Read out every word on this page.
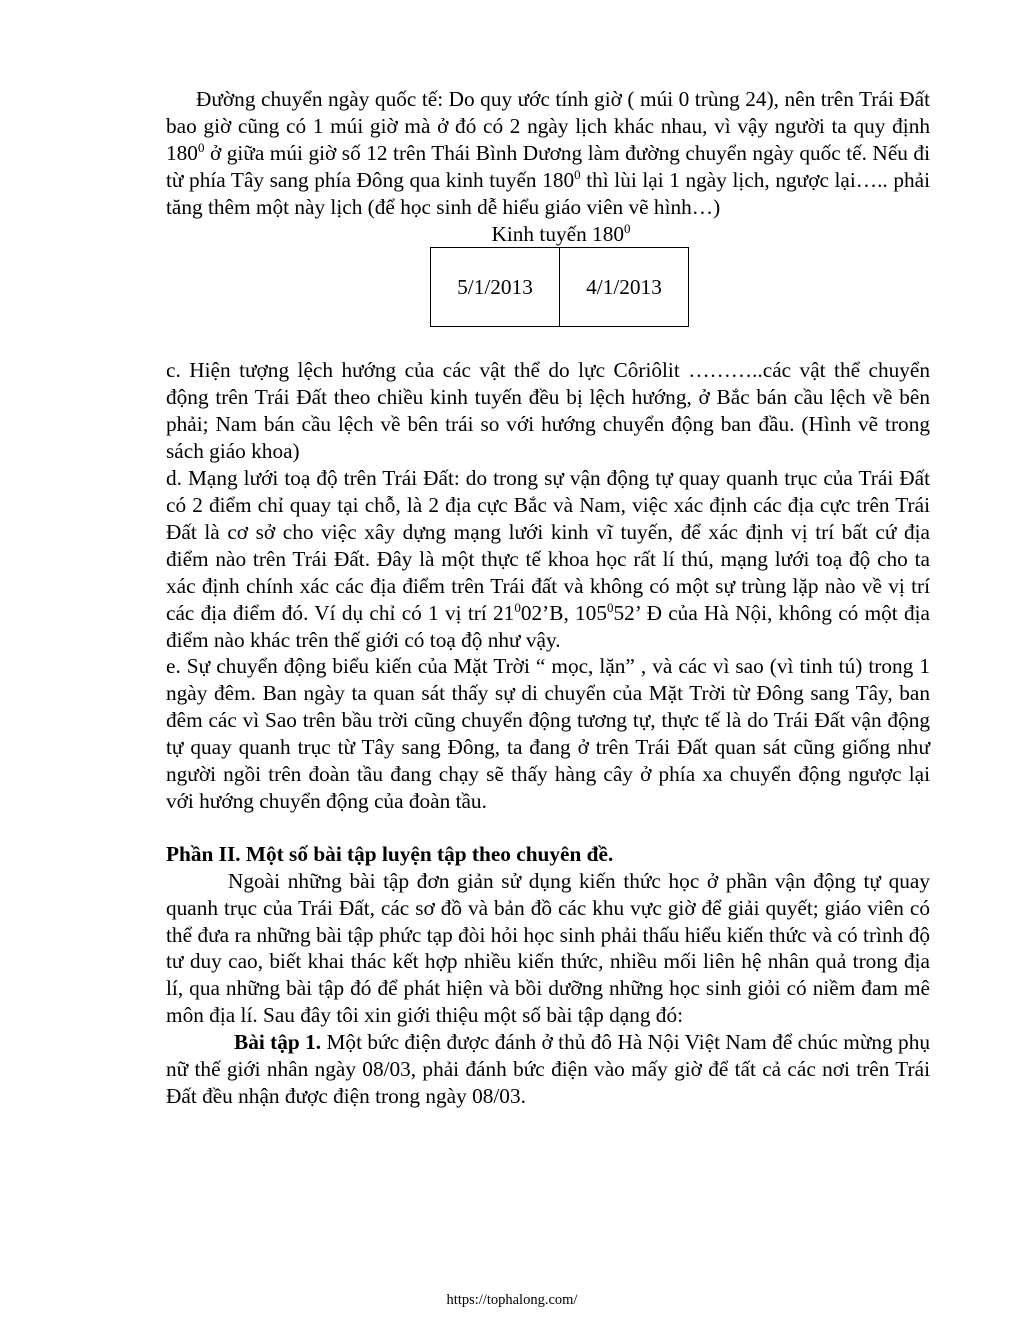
Đường chuyển ngày quốc tế: Do quy ước tính giờ ( múi 0 trùng 24), nên trên Trái Đất bao giờ cũng có 1 múi giờ mà ở đó có 2 ngày lịch khác nhau, vì vậy người ta quy định $180^0$ ở giữa múi giờ số 12 trên Thái Bình Dương làm đường chuyển ngày quốc tế. Nếu đi từ phía Tây sang phía Đông qua kinh tuyến $180^0$ thì lùi lại 1 ngày lịch, ngược lại….. phải tăng thêm một này lịch (để học sinh dễ hiểu giáo viên vẽ hình…)

Kinh tuyến $180^0$

5/1/2013	4/1/2013

c. Hiện tượng lệch hướng của các vật thể do lực Côriôlit ………..các vật thể chuyển động trên Trái Đất theo chiều kinh tuyến đều bị lệch hướng, ở Bắc bán cầu lệch về bên phải; Nam bán cầu lệch về bên trái so với hướng chuyển động ban đầu. (Hình vẽ trong sách giáo khoa)

d. Mạng lưới toạ độ trên Trái Đất: do trong sự vận động tự quay quanh trục của Trái Đất có 2 điểm chỉ quay tại chỗ, là 2 địa cực Bắc và Nam, việc xác định các địa cực trên Trái Đất là cơ sở cho việc xây dựng mạng lưới kinh vĩ tuyến, để xác định vị trí bất cứ địa điểm nào trên Trái Đất. Đây là một thực tế khoa học rất lí thú, mạng lưới toạ độ cho ta xác định chính xác các địa điểm trên Trái đất và không có một sự trùng lặp nào về vị trí các địa điểm đó. Ví dụ chỉ có 1 vị trí $21^002’B$, $105^052$’ Đ của Hà Nội, không có một địa điểm nào khác trên thế giới có toạ độ như vậy.

e. Sự chuyển động biểu kiến của Mặt Trời “ mọc, lặn” , và các vì sao (vì tinh tú) trong 1 ngày đêm. Ban ngày ta quan sát thấy sự di chuyển của Mặt Trời từ Đông sang Tây, ban đêm các vì Sao trên bầu trời cũng chuyển động tương tự, thực tế là do Trái Đất vận động tự quay quanh trục từ Tây sang Đông, ta đang ở trên Trái Đất quan sát cũng giống như người ngồi trên đoàn tầu đang chạy sẽ thấy hàng cây ở phía xa chuyển động ngược lại với hướng chuyển động của đoàn tầu.

Phần II. Một số bài tập luyện tập theo chuyên đề.

Ngoài những bài tập đơn giản sử dụng kiến thức học ở phần vận động tự quay quanh trục của Trái Đất, các sơ đồ và bản đồ các khu vực giờ để giải quyết; giáo viên có thể đưa ra những bài tập phức tạp đòi hỏi học sinh phải thấu hiểu kiến thức và có trình độ tư duy cao, biết khai thác kết hợp nhiều kiến thức, nhiều mối liên hệ nhân quả trong địa lí, qua những bài tập đó để phát hiện và bồi dưỡng những học sinh giỏi có niềm đam mê môn địa lí. Sau đây tôi xin giới thiệu một số bài tập dạng đó:

Bài tập 1. Một bức điện được đánh ở thủ đô Hà Nội Việt Nam để chúc mừng phụ nữ thế giới nhân ngày 08/03, phải đánh bức điện vào mấy giờ để tất cả các nơi trên Trái Đất đều nhận được điện trong ngày 08/03.

https://tophalong.com/
